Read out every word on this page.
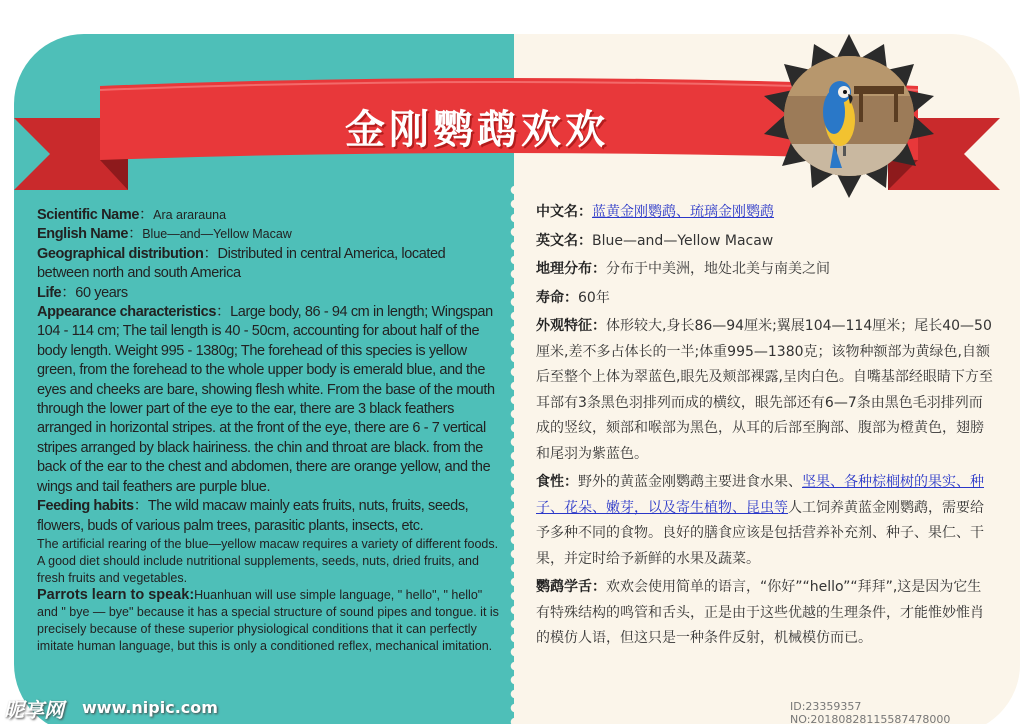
金刚鹦鹉欢欢
Scientific Name：Ara ararauna
English Name：Blue—and—Yellow Macaw
Geographical distribution：Distributed in central America, located between north and south America
Life：60 years
Appearance characteristics：Large body, 86 - 94 cm in length; Wingspan 104 - 114 cm; The tail length is 40 - 50cm, accounting for about half of the body length. Weight 995 - 1380g; The forehead of this species is yellow green, from the forehead to the whole upper body is emerald blue, and the eyes and cheeks are bare, showing flesh white. From the base of the mouth through the lower part of the eye to the ear, there are 3 black feathers arranged in horizontal stripes. at the front of the eye, there are 6 - 7 vertical stripes arranged by black hairiness. the chin and throat are black. from the back of the ear to the chest and abdomen, there are orange yellow, and the wings and tail feathers are purple blue.
Feeding habits：The wild macaw mainly eats fruits, nuts, fruits, seeds, flowers, buds of various palm trees, parasitic plants, insects, etc.
The artificial rearing of the blue—yellow macaw requires a variety of different foods. A good diet should include nutritional supplements, seeds, nuts, dried fruits, and fresh fruits and vegetables.
Parrots learn to speak:Huanhuan will use simple language, " hello", " hello" and " bye — bye" because it has a special structure of sound pipes and tongue. it is precisely because of these superior physiological conditions that it can perfectly imitate human language, but this is only a conditioned reflex, mechanical imitation.
中文名：蓝黄金刚鹦鹉、琉璃金刚鹦鹉
英文名：Blue—and—Yellow Macaw
地理分布：分布于中美洲，地处北美与南美之间
寿命：60年
外观特征：体形较大,身长86—94厘米;翼展104—114厘米；尾长40—50厘米,差不多占体长的一半;体重995—1380克；该物种额部为黄绿色,自额后至整个上体为翠蓝色,眼先及颊部裸露,呈肉白色。自嘴基部经眼睛下方至耳部有3条黑色羽排列而成的横纹，眼先部还有6—7条由黑色毛羽排列而成的竖纹，颏部和喉部为黑色，从耳的后部至胸部、腹部为橙黄色，翅膀和尾羽为紫蓝色。
食性：野外的黄蓝金刚鹦鹉主要进食水果、坚果、各种棕榈树的果实、种子、花朵、嫩芽，以及寄生植物、昆虫等人工饲养黄蓝金刚鹦鹉，需要给予多种不同的食物。良好的膳食应该是包括营养补充剂、种子、果仁、干果，并定时给予新鲜的水果及蔬菜。
鹦鹉学舌：欢欢会使用简单的语言，“你好”“hello”“拜拜”,这是因为它生有特殊结构的鸣管和舌头，正是由于这些优越的生理条件，才能惟妙惟肖的模仿人语，但这只是一种条件反射，机械模仿而已。
昵享网 www.nipic.com	ID:23359357 NO:20180828115587478000
